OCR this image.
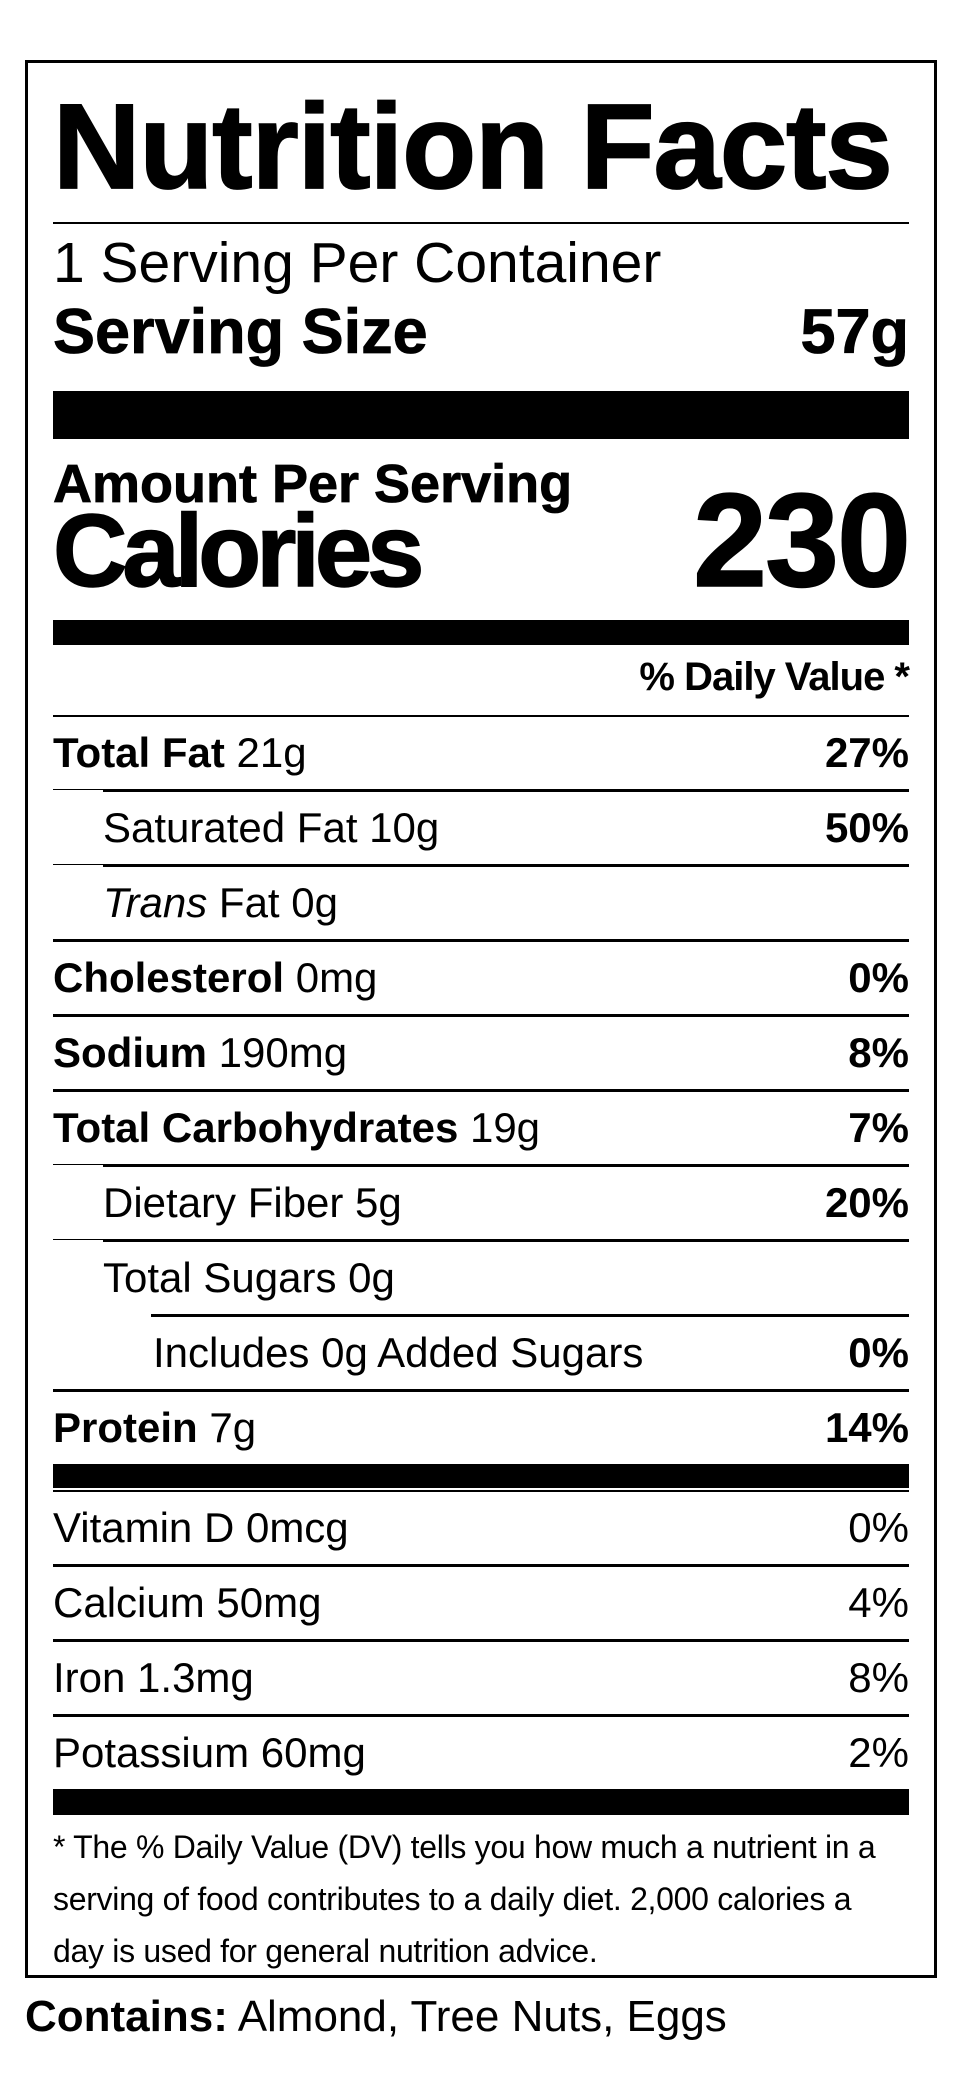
Nutrition Facts
1 Serving Per Container
Serving Size	57g
Amount Per Serving
Calories 230
% Daily Value *
Total Fat 21g	27%
Saturated Fat 10g	50%
Trans Fat 0g
Cholesterol 0mg	0%
Sodium 190mg	8%
Total Carbohydrates 19g	7%
Dietary Fiber 5g	20%
Total Sugars 0g
Includes 0g Added Sugars	0%
Protein 7g	14%
Vitamin D 0mcg	0%
Calcium 50mg	4%
Iron 1.3mg	8%
Potassium 60mg	2%
* The % Daily Value (DV) tells you how much a nutrient in a
serving of food contributes to a daily diet. 2,000 calories a
day is used for general nutrition advice.
Contains: Almond, Tree Nuts, Eggs
